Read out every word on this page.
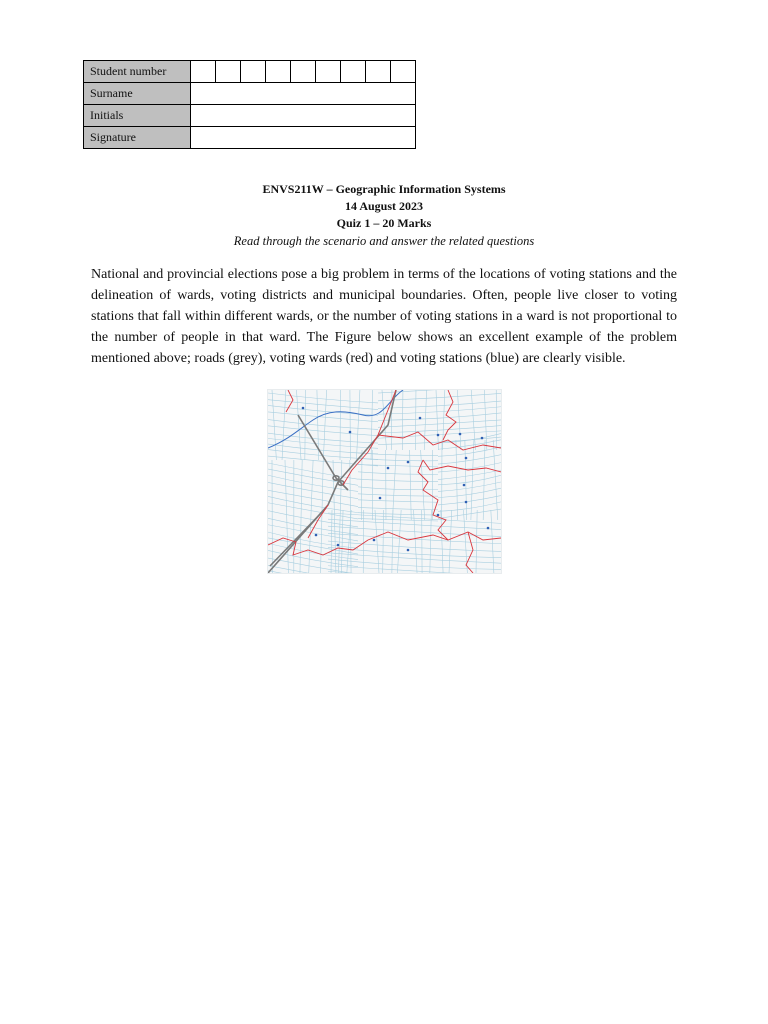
Student number									
Surname									
Initials									
Signature									
ENVS211W – Geographic Information Systems
14 August 2023
Quiz 1 – 20 Marks
Read through the scenario and answer the related questions

National and provincial elections pose a big problem in terms of the locations of voting stations and the delineation of wards, voting districts and municipal boundaries. Often, people live closer to voting stations that fall within different wards, or the number of voting stations in a ward is not proportional to the number of people in that ward. The Figure below shows an excellent example of the problem mentioned above; roads (grey), voting wards (red) and voting stations (blue) are clearly visible.
